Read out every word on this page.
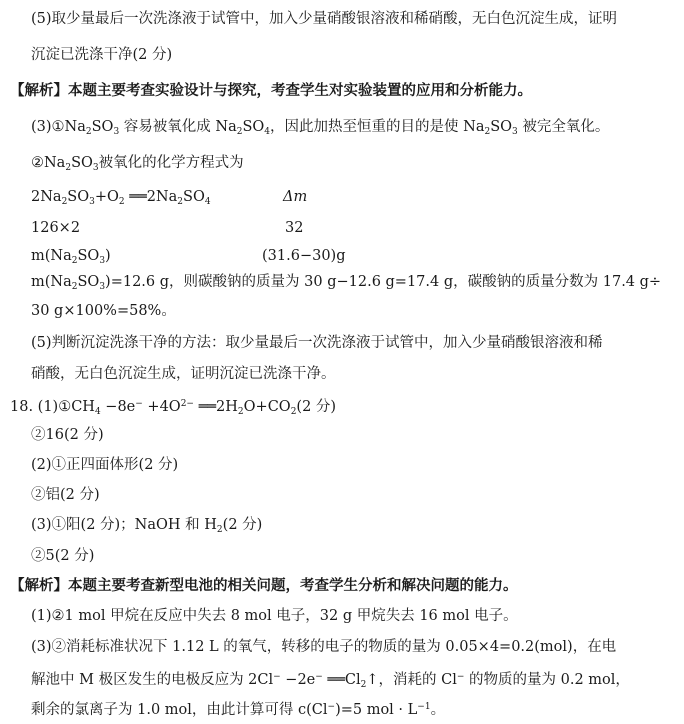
(5)取少量最后一次洗涤液于试管中，加入少量硝酸银溶液和稀硝酸，无白色沉淀生成，证明
沉淀已洗涤干净(2 分)
【解析】本题主要考查实验设计与探究，考查学生对实验装置的应用和分析能力。
$(3)①Na_2SO_3$ 容易被氧化成 $Na_2SO_4$，因此加热至恒重的目的是使 $Na_2SO_3$ 被完全氧化。
$②Na_2SO_3$被氧化的化学方程式为
$2Na_2SO_3+O_2$ $══2Na_2SO_4$	Δm
126×2	32
$m(Na_2SO_3)$	(31.6−30)g
$m(Na_2SO_3)=12.6$ g，则碳酸钠的质量为 30 g−12.6 g=17.4 g，碳酸钠的质量分数为 17.4 g÷
30 g×100%=58%。
(5)判断沉淀洗涤干净的方法：取少量最后一次洗涤液于试管中，加入少量硝酸银溶液和稀
硝酸，无白色沉淀生成，证明沉淀已洗涤干净。
18. $(1)①CH_4 -8e^- +4O^{2-}$ $══2H_2O+CO_2(2$ 分)
②16(2 分)
(2)①正四面体形(2 分)
②铝(2 分)
(3)①阳(2 分)；NaOH 和 $H_2(2$ 分)
②5(2 分)
【解析】本题主要考查新型电池的相关问题，考查学生分析和解决问题的能力。
(1)②1 mol 甲烷在反应中失去 8 mol 电子，32 g 甲烷失去 16 mol 电子。
(3)②消耗标准状况下 1.12 L 的氧气，转移的电子的物质的量为 0.05×4=0.2(mol)，在电
解池中 M 极区发生的电极反应为 2Cl− −2e− $══Cl_2↑$，消耗的 Cl− 的物质的量为 0.2 mol，
剩余的氯离子为 1.0 mol，由此计算可得 c(Cl−)=5 mol · $L^{-1}$。
